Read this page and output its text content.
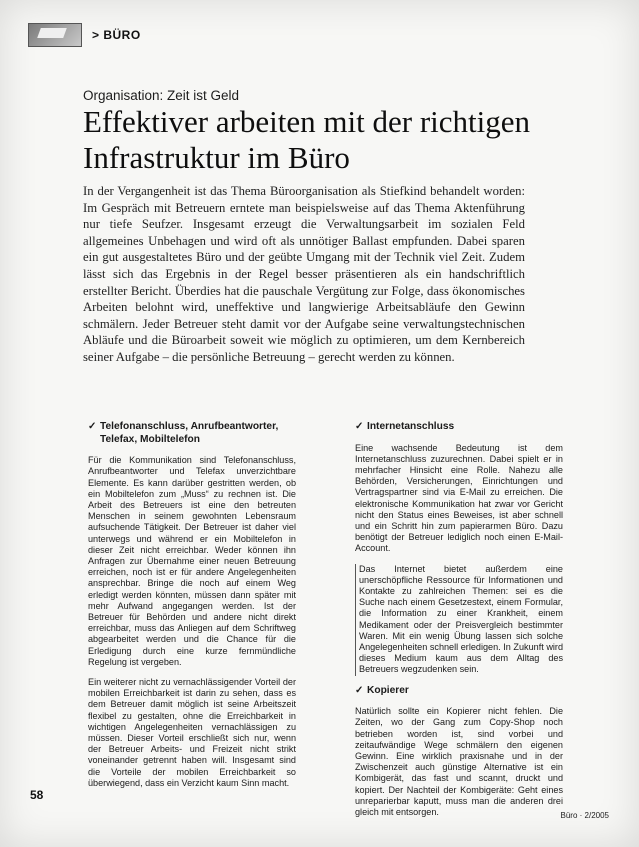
> BÜRO
Organisation: Zeit ist Geld
Effektiver arbeiten mit der richtigen Infrastruktur im Büro

In der Vergangenheit ist das Thema Büroorganisation als Stiefkind behandelt worden: Im Gespräch mit Betreuern erntete man beispielsweise auf das Thema Aktenführung nur tiefe Seufzer. Insgesamt erzeugt die Verwaltungsarbeit im sozialen Feld allgemeines Unbehagen und wird oft als unnötiger Ballast empfunden. Dabei sparen ein gut ausgestaltetes Büro und der geübte Umgang mit der Technik viel Zeit. Zudem lässt sich das Ergebnis in der Regel besser präsentieren als ein handschriftlich erstellter Bericht. Überdies hat die pauschale Vergütung zur Folge, dass ökonomisches Arbeiten belohnt wird, uneffektive und langwierige Arbeitsabläufe den Gewinn schmälern. Jeder Betreuer steht damit vor der Aufgabe seine verwaltungstechnischen Abläufe und die Büroarbeit soweit wie möglich zu optimieren, um dem Kernbereich seiner Aufgabe – die persönliche Betreuung – gerecht werden zu können.

✓ Telefonanschluss, Anrufbeantworter, Telefax, Mobiltelefon

Für die Kommunikation sind Telefonanschluss, Anrufbeantworter und Telefax unverzichtbare Elemente. Es kann darüber gestritten werden, ob ein Mobiltelefon zum „Muss“ zu rechnen ist. Die Arbeit des Betreuers ist eine den betreuten Menschen in seinem gewohnten Lebensraum aufsuchende Tätigkeit. Der Betreuer ist daher viel unterwegs und während er ein Mobiltelefon in dieser Zeit nicht erreichbar. Weder können ihn Anfragen zur Übernahme einer neuen Betreuung erreichen, noch ist er für andere Angelegenheiten ansprechbar. Bringe die noch auf einem Weg erledigt werden könnten, müssen dann später mit mehr Aufwand angegangen werden. Ist der Betreuer für Behörden und andere nicht direkt erreichbar, muss das Anliegen auf dem Schriftweg abgearbeitet werden und die Chance für die Erledigung durch eine kurze fernmündliche Regelung ist vergeben.

Ein weiterer nicht zu vernachlässigender Vorteil der mobilen Erreichbarkeit ist darin zu sehen, dass es dem Betreuer damit möglich ist seine Arbeitszeit flexibel zu gestalten, ohne die Erreichbarkeit in wichtigen Angelegenheiten vernachlässigen zu müssen. Dieser Vorteil erschließt sich nur, wenn der Betreuer Arbeits- und Freizeit nicht strikt voneinander getrennt haben will. Insgesamt sind die Vorteile der mobilen Erreichbarkeit so überwiegend, dass ein Verzicht kaum Sinn macht.

✓ Internetanschluss

Eine wachsende Bedeutung ist dem Internetanschluss zuzurechnen. Dabei spielt er in mehrfacher Hinsicht eine Rolle. Nahezu alle Behörden, Versicherungen, Einrichtungen und Vertragspartner sind via E-Mail zu erreichen. Die elektronische Kommunikation hat zwar vor Gericht nicht den Status eines Beweises, ist aber schnell und ein Schritt hin zum papierarmen Büro. Dazu benötigt der Betreuer lediglich noch einen E-Mail-Account.

Das Internet bietet außerdem eine unerschöpfliche Ressource für Informationen und Kontakte zu zahlreichen Themen: sei es die Suche nach einem Gesetzestext, einem Formular, die Information zu einer Krankheit, einem Medikament oder der Preisvergleich bestimmter Waren. Mit ein wenig Übung lassen sich solche Angelegenheiten schnell erledigen. In Zukunft wird dieses Medium kaum aus dem Alltag des Betreuers wegzudenken sein.

✓ Kopierer

Natürlich sollte ein Kopierer nicht fehlen. Die Zeiten, wo der Gang zum Copy-Shop noch betrieben worden ist, sind vorbei und zeitaufwändige Wege schmälern den eigenen Gewinn. Eine wirklich praxisnahe und in der Zwischenzeit auch günstige Alternative ist ein Kombigerät, das fast und scannt, druckt und kopiert. Der Nachteil der Kombigeräte: Geht eines unreparierbar kaputt, muss man die anderen drei gleich mit entsorgen.

58
Büro · 2/2005
